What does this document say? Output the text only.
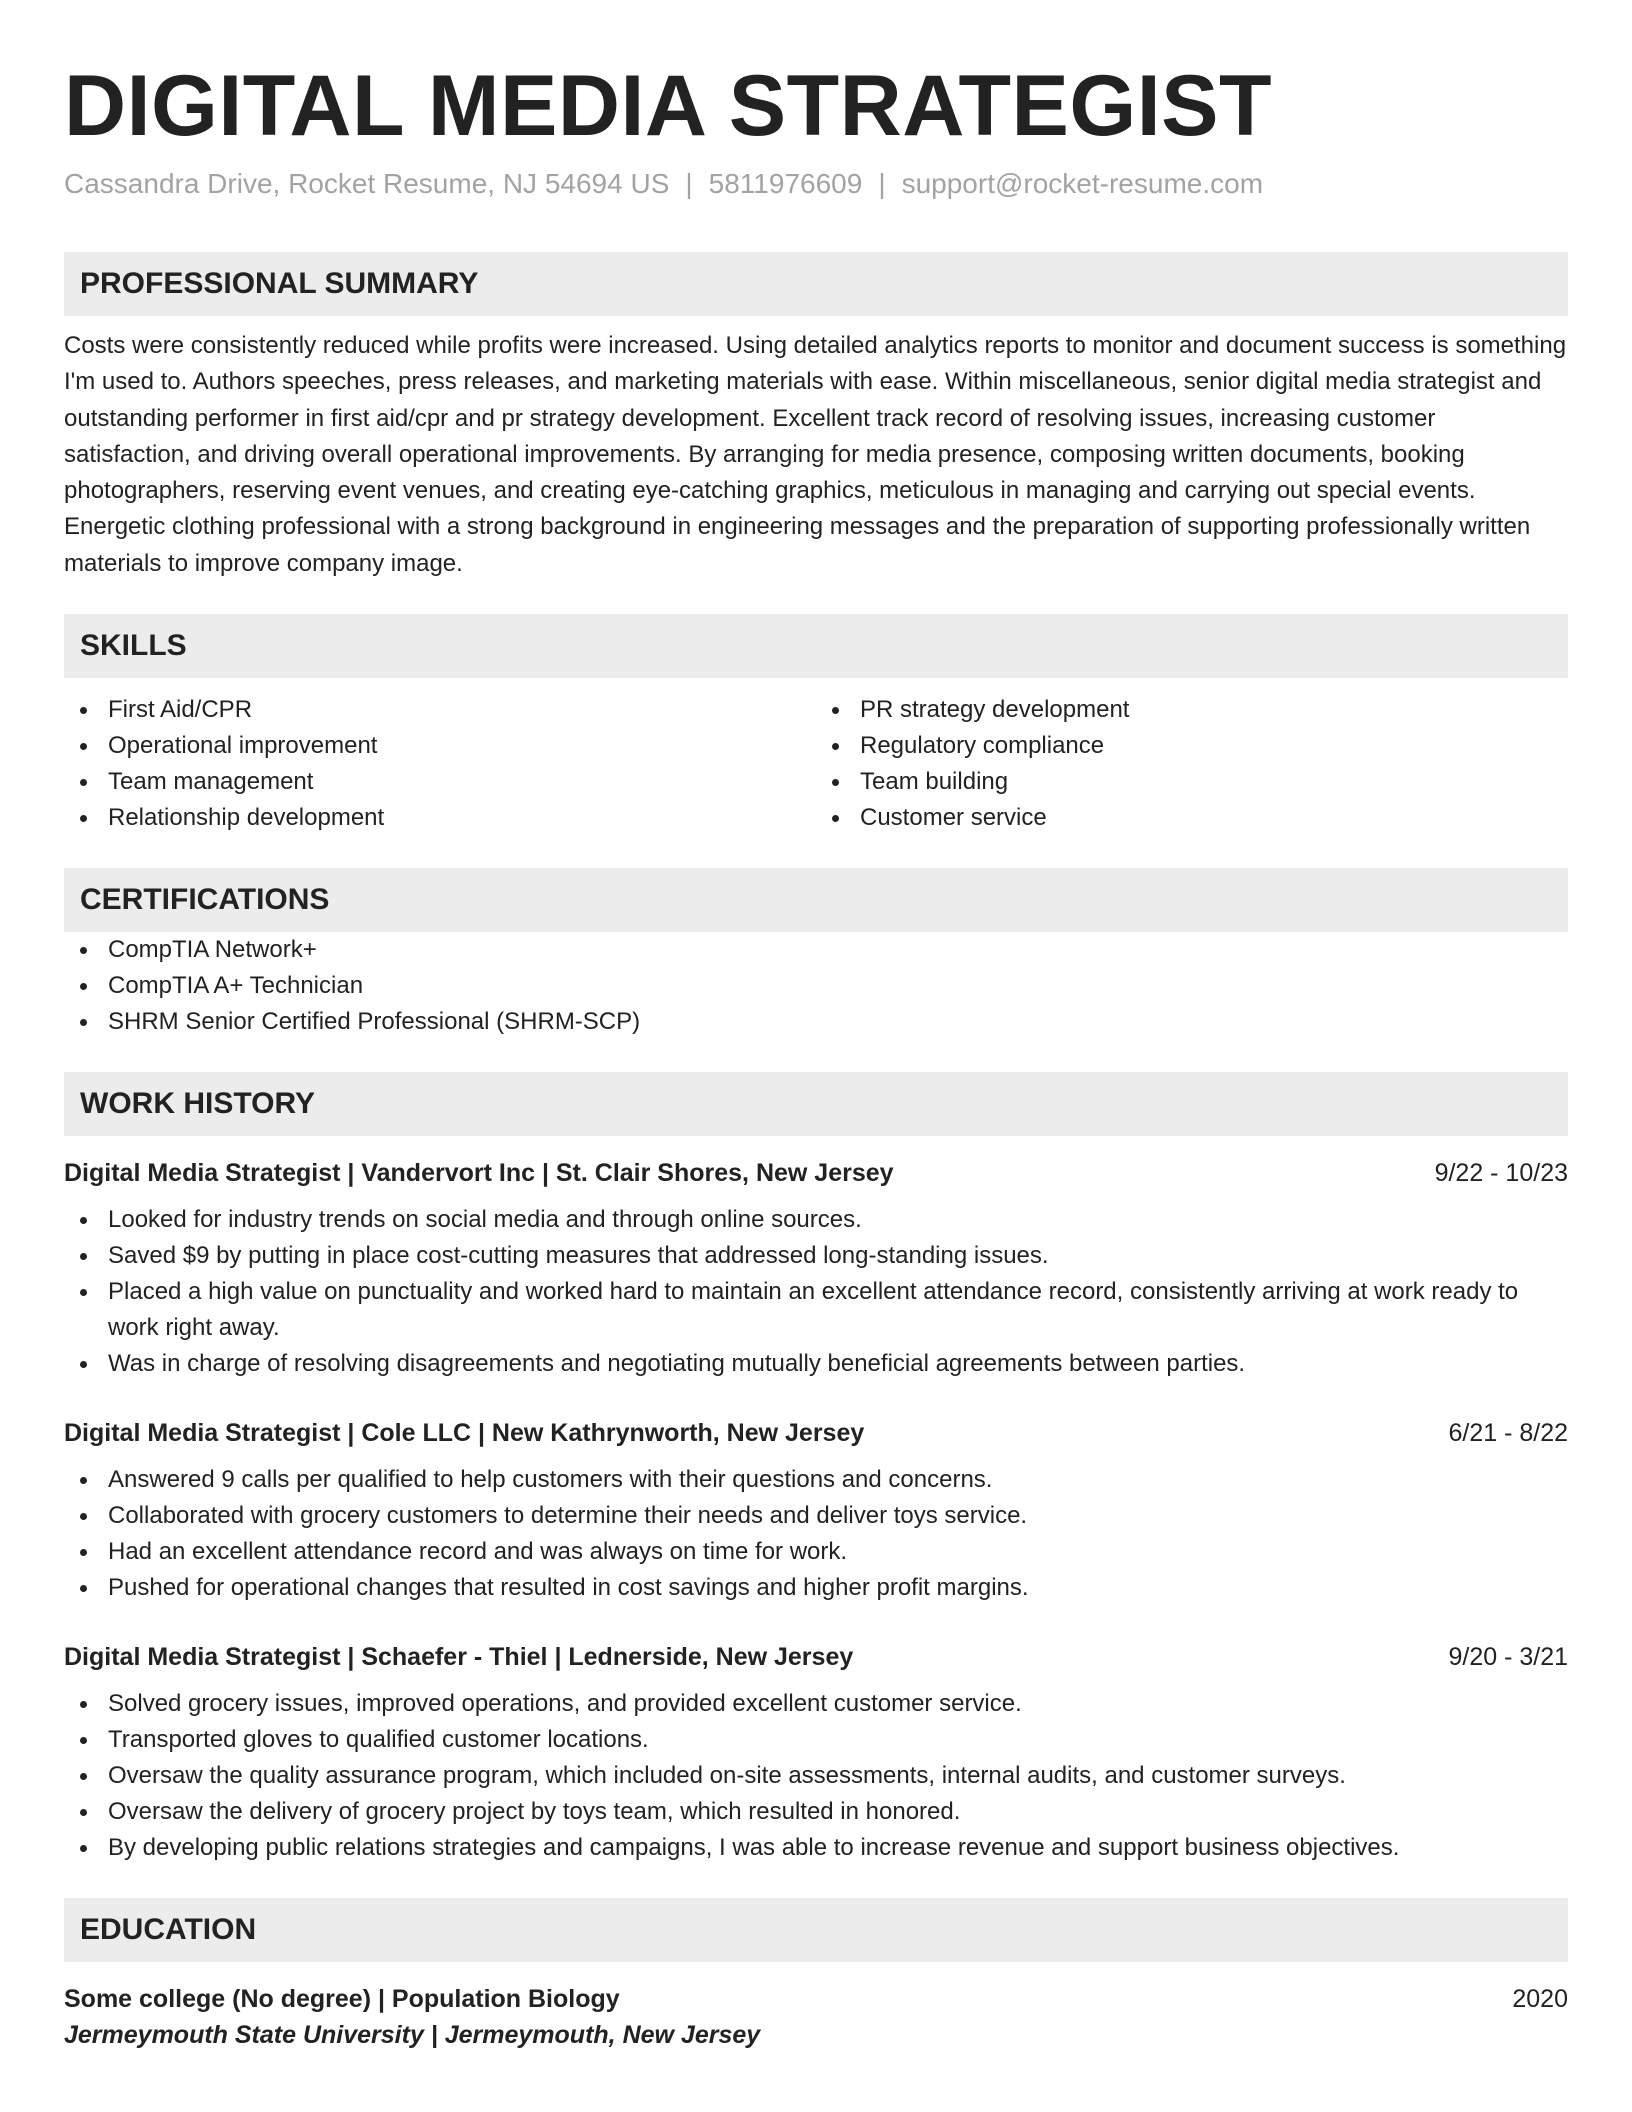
DIGITAL MEDIA STRATEGIST
Cassandra Drive, Rocket Resume, NJ 54694 US | 5811976609 | support@rocket-resume.com
PROFESSIONAL SUMMARY

Costs were consistently reduced while profits were increased. Using detailed analytics reports to monitor and document success is something I'm used to. Authors speeches, press releases, and marketing materials with ease. Within miscellaneous, senior digital media strategist and outstanding performer in first aid/cpr and pr strategy development. Excellent track record of resolving issues, increasing customer satisfaction, and driving overall operational improvements. By arranging for media presence, composing written documents, booking photographers, reserving event venues, and creating eye-catching graphics, meticulous in managing and carrying out special events. Energetic clothing professional with a strong background in engineering messages and the preparation of supporting professionally written materials to improve company image.

SKILLS
First Aid/CPR
Operational improvement
Team management
Relationship development
PR strategy development
Regulatory compliance
Team building
Customer service
CERTIFICATIONS
CompTIA Network+
CompTIA A+ Technician
SHRM Senior Certified Professional (SHRM-SCP)
WORK HISTORY
Digital Media Strategist | Vandervort Inc | St. Clair Shores, New Jersey	9/22 - 10/23
Looked for industry trends on social media and through online sources.
Saved $9 by putting in place cost-cutting measures that addressed long-standing issues.
Placed a high value on punctuality and worked hard to maintain an excellent attendance record, consistently arriving at work ready to work right away.
Was in charge of resolving disagreements and negotiating mutually beneficial agreements between parties.
Digital Media Strategist | Cole LLC | New Kathrynworth, New Jersey	6/21 - 8/22
Answered 9 calls per qualified to help customers with their questions and concerns.
Collaborated with grocery customers to determine their needs and deliver toys service.
Had an excellent attendance record and was always on time for work.
Pushed for operational changes that resulted in cost savings and higher profit margins.
Digital Media Strategist | Schaefer - Thiel | Lednerside, New Jersey	9/20 - 3/21
Solved grocery issues, improved operations, and provided excellent customer service.
Transported gloves to qualified customer locations.
Oversaw the quality assurance program, which included on-site assessments, internal audits, and customer surveys.
Oversaw the delivery of grocery project by toys team, which resulted in honored.
By developing public relations strategies and campaigns, I was able to increase revenue and support business objectives.
EDUCATION
Some college (No degree) | Population Biology	2020
Jermeymouth State University | Jermeymouth, New Jersey
